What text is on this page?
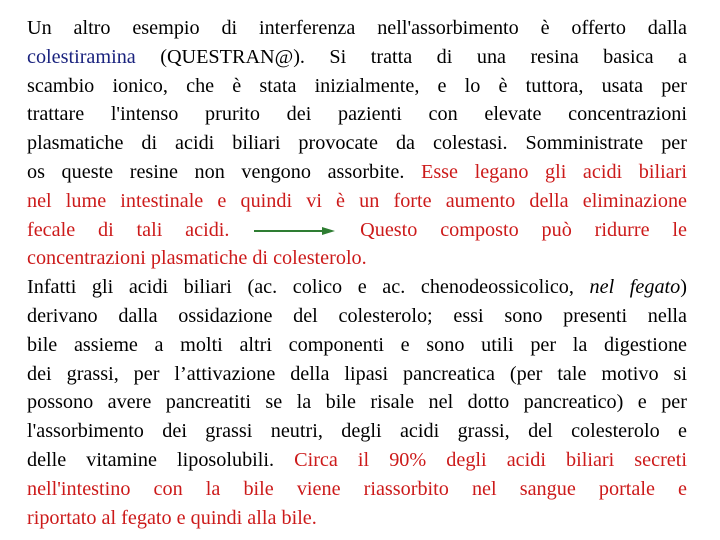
Un altro esempio di interferenza nell'assorbimento è offerto dalla
colestiramina (QUESTRAN@). Si tratta di una resina basica a
scambio ionico, che è stata inizialmente, e lo è tuttora, usata per
trattare l'intenso prurito dei pazienti con elevate concentrazioni
plasmatiche di acidi biliari provocate da colestasi. Somministrate per
os queste resine non vengono assorbite. Esse legano gli acidi biliari
nel lume intestinale e quindi vi è un forte aumento della eliminazione
fecale di tali acidi.	Questo composto può ridurre le
concentrazioni plasmatiche di colesterolo.
Infatti gli acidi biliari (ac. colico e ac. chenodeossicolico, nel fegato)
derivano dalla ossidazione del colesterolo; essi sono presenti nella
bile assieme a molti altri componenti e sono utili per la digestione
dei grassi, per l’attivazione della lipasi pancreatica (per tale motivo si
possono avere pancreatiti se la bile risale nel dotto pancreatico) e per
l'assorbimento dei grassi neutri, degli acidi grassi, del colesterolo e
delle vitamine liposolubili. Circa il 90% degli acidi biliari secreti
nell'intestino con la bile viene riassorbito nel sangue portale e
riportato al fegato e quindi alla bile.
